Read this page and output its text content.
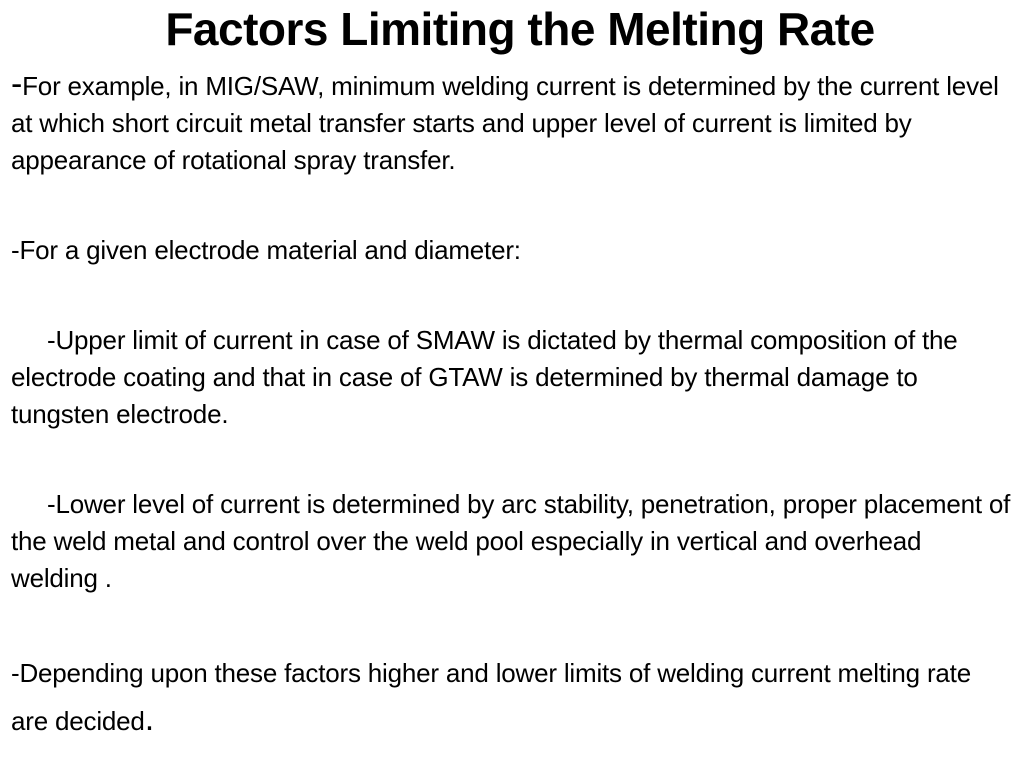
Factors Limiting the Melting Rate

-For example, in MIG/SAW, minimum welding current is determined by the current level at which short circuit metal transfer starts and upper level of current is limited by appearance of rotational spray transfer.

-For a given electrode material and diameter:

-Upper limit of current in case of SMAW is dictated by thermal composition of the electrode coating and that in case of GTAW is determined by thermal damage to tungsten electrode.

-Lower level of current is determined by arc stability, penetration, proper placement of the weld metal and control over the weld pool especially in vertical and overhead welding .

-Depending upon these factors higher and lower limits of welding current melting rate are decided.
